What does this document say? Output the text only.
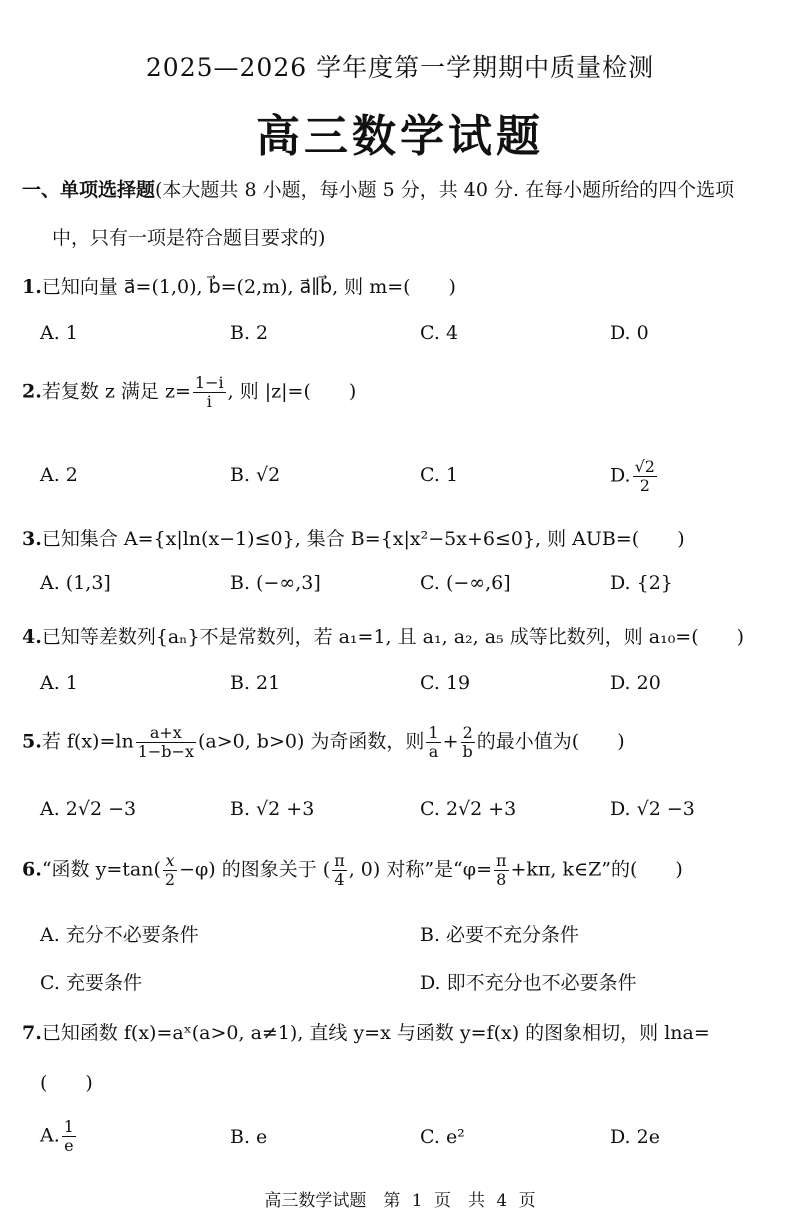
2025—2026 学年度第一学期期中质量检测
高三数学试题
一、单项选择题(本大题共 8 小题，每小题 5 分，共 40 分. 在每小题所给的四个选项
中，只有一项是符合题目要求的)
1.已知向量 a⃗=(1,0), b⃗=(2,m), a⃗∥b⃗, 则 m=(　　)
A. 1	B. 2	C. 4	D. 0
2.若复数 z 满足 $z= \frac{1-i}{i}$ , 则 |z|=(　　)
A. 2	B. √2	C. 1	D. $\frac{√2}{2}$
3.已知集合 A={x|ln(x−1)≤0}, 集合 B={x|x²−5x+6≤0}, 则 AUB=(　　)
A. (1,3]	B. (−∞,3]	C. (−∞,6]	D. {2}
4.已知等差数列{aₙ}不是常数列，若 a₁=1, 且 a₁, a₂, a₅ 成等比数列，则 a₁₀=(　　)
A. 1	B. 21	C. 19	D. 20
5.若 $f(x)=\ln \frac{a+x}{1-b-x} (a>0$, b>0) 为奇函数，则 $\frac{1}{a} + \frac{2}{b}$ 的最小值为(　　)
A. 2√2 −3	B. √2 +3	C. 2√2 +3	D. √2 −3
6.“函数 $y=\tan( \frac{x}{2} -\varphi)$ 的图象关于 ( $\frac{\pi}{4}$ , 0) 对称”是“$\varphi= \frac{\pi}{8} +k\pi$, k∈Z”的(　　)
A. 充分不必要条件	B. 必要不充分条件
C. 充要条件	D. 即不充分也不必要条件
7.已知函数 f(x)=aˣ(a>0, a≠1), 直线 y=x 与函数 y=f(x) 的图象相切，则 lna=
(　　)
A. $\frac{1}{e}$	B. e	C. e²	D. 2e
高三数学试题　第 1 页　共 4 页
